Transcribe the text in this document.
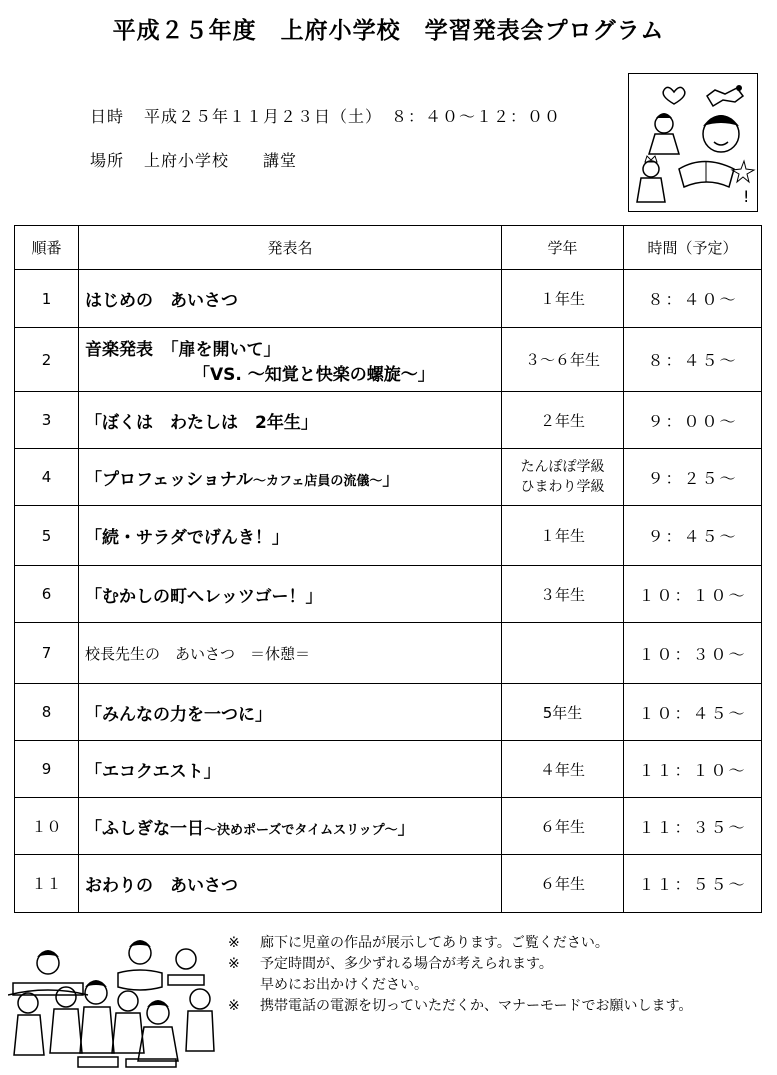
平成２５年度　上府小学校　学習発表会プログラム
日時 平成２５年１１月２３日（土）　８：４０～１２：００
場所 上府小学校　　講堂
!
順番	発表名	学年	時間（予定）
1	はじめの　あいさつ	１年生	８：４０～
2	音楽発表　「扉を開いて」
「VS. ～知覚と快楽の螺旋～」	３～６年生	８：４５～
3	「ぼくは　わたしは　2年生」	２年生	９：００～
4	「プロフェッショナル～カフェ店員の流儀～」	たんぽぽ学級
ひまわり学級	９：２５～
5	「続・サラダでげんき！」	１年生	９：４５～
6	「むかしの町へレッツゴー！」	３年生	１０：１０～
7	校長先生の　あいさつ　＝休憩＝		１０：３０～
8	「みんなの力を一つに」	5年生	１０：４５～
9	「エコクエスト」	４年生	１１：１０～
１０	「ふしぎな一日～決めポーズでタイムスリップ～」	６年生	１１：３５～
１１	おわりの　あいさつ	６年生	１１：５５～
※ 廊下に児童の作品が展示してあります。ご覧ください。
※ 予定時間が、多少ずれる場合が考えられます。
早めにお出かけください。
※ 携帯電話の電源を切っていただくか、マナーモードでお願いします。
